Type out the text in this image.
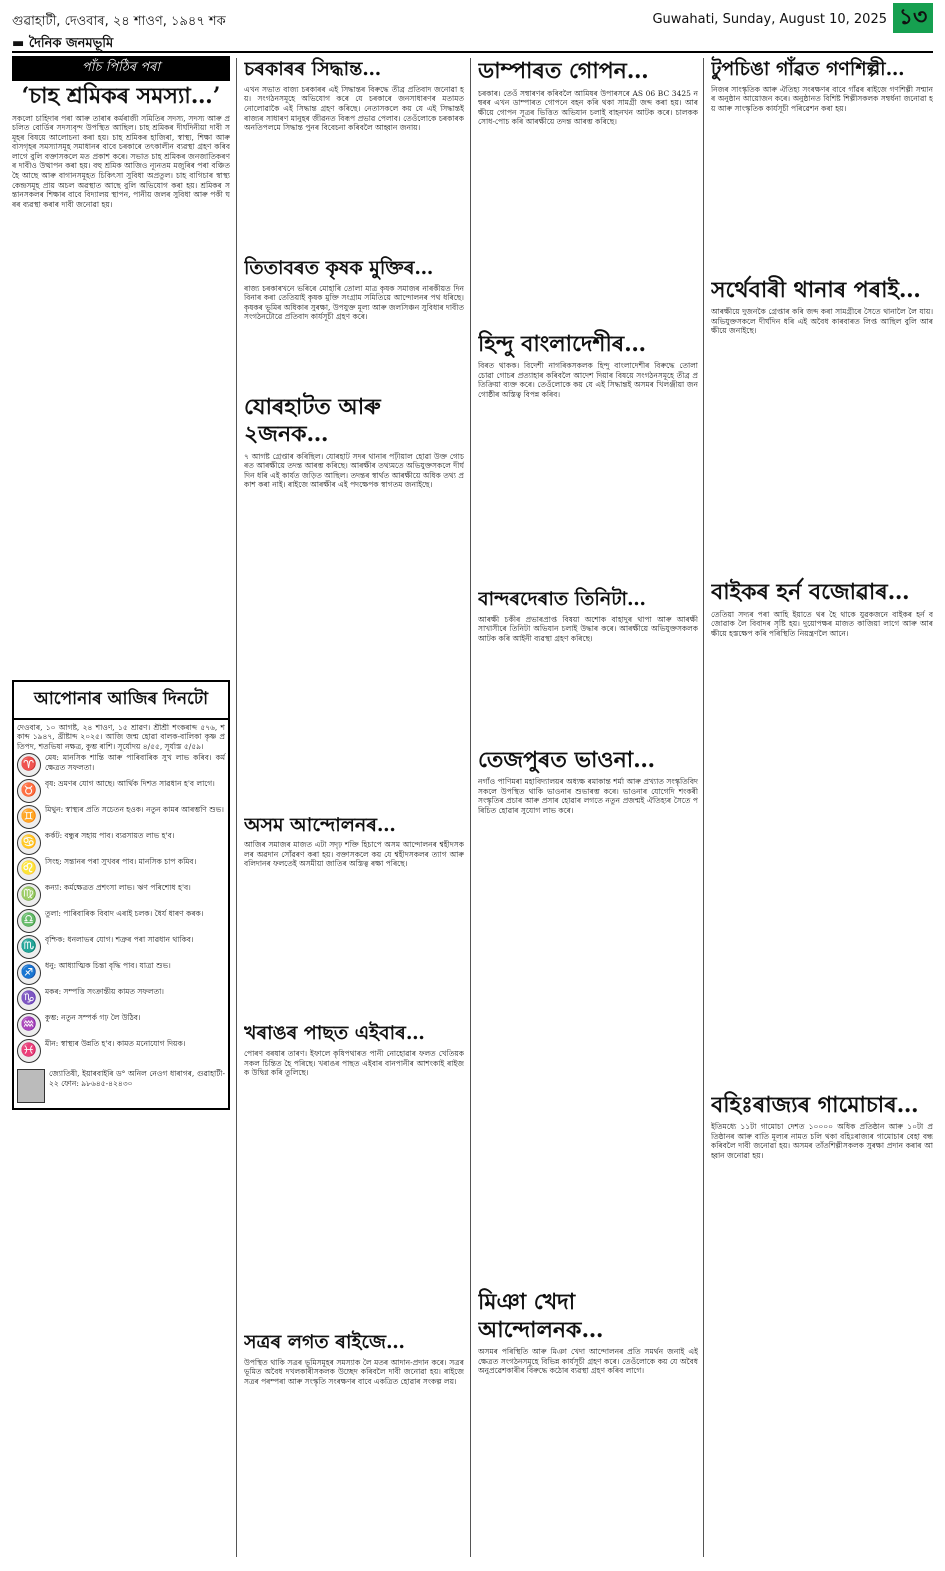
গুৱাহাটী, দেওবাৰ, ২৪ শাওণ, ১৯৪৭ শক	Guwahati, Sunday, August 10, 2025 ১৩
▬ দৈনিক জনমভূমি
পাঁচ পিঠিৰ পৰা
‘চাহ শ্ৰমিকৰ সমস্যা…’
সকলো চাহিদাৰ পৰা আৰু তাৰাৰ কৰ্মৰাজী সমিতিৰ সদস্য, সদস্য আৰু প্ৰচলিত বোৰ্ডিৰ সদস্যবৃন্দ উপস্থিত আছিল। চাহ শ্ৰমিকৰ দীৰ্ঘদিনীয়া দাবী সমূহৰ বিষয়ে আলোচনা কৰা হয়। চাহ শ্ৰমিকৰ হাজিৰা, স্বাস্থ্য, শিক্ষা আৰু বাসগৃহৰ সমস্যাসমূহ সমাধানৰ বাবে চৰকাৰে তৎকালীন ব্যৱস্থা গ্ৰহণ কৰিব লাগে বুলি বক্তাসকলে মত প্ৰকাশ কৰে। সভাত চাহ শ্ৰমিকৰ জনজাতিকৰণৰ দাবীও উত্থাপন কৰা হয়। বহু শ্ৰমিক আজিও ন্যূনতম মজুৰিৰ পৰা বঞ্চিত হৈ আছে আৰু বাগানসমূহত চিকিৎসা সুবিধা অপ্ৰতুল। চাহ বাগিচাৰ স্বাস্থ্য কেন্দ্ৰসমূহ প্ৰায় অচল অৱস্থাত আছে বুলি অভিযোগ কৰা হয়। শ্ৰমিকৰ সন্তানসকলৰ শিক্ষাৰ বাবে বিদ্যালয় স্থাপন, পানীয় জলৰ সুবিধা আৰু পকী ঘৰৰ ব্যৱস্থা কৰাৰ দাবী জনোৱা হয়।
আপোনাৰ আজিৰ দিনটো
দেওবাৰ, ১০ আগষ্ট, ২৪ শাওণ, ১৫ শ্ৰাৱণ। শ্ৰীশ্ৰী শংকৰাব্দ ৫৭৬, শকাব্দ ১৯৪৭, খ্ৰীষ্টাব্দ ২০২৫। আজি জন্ম হোৱা বালক-বালিকা কৃষ্ণ প্ৰতিপদ, শতভিষা নক্ষত্ৰ, কুম্ভ ৰাশি। সূৰ্যোদয় ৪/৫৫, সূৰ্যাস্ত ৫/৫৯।
♈	মেষ: মানসিক শান্তি আৰু পাৰিবাৰিক সুখ লাভ কৰিব। কৰ্মক্ষেত্ৰত সফলতা।
♉	বৃষ: ভ্ৰমণৰ যোগ আছে। আৰ্থিক দিশত সাৱধান হ'ব লাগে।
♊	মিথুন: স্বাস্থ্যৰ প্ৰতি সচেতন হওক। নতুন কামৰ আৰম্ভণি শুভ।
♋	কৰ্কট: বন্ধুৰ সহায় পাব। ব্যৱসায়ত লাভ হ'ব।
♌	সিংহ: সন্তানৰ পৰা সুখবৰ পাব। মানসিক চাপ কমিব।
♍	কন্যা: কৰ্মক্ষেত্ৰত প্ৰশংসা লাভ। ঋণ পৰিশোধ হ'ব।
♎	তুলা: পাৰিবাৰিক বিবাদ এৰাই চলক। ধৈৰ্য ধাৰণ কৰক।
♏	বৃশ্চিক: ধনলাভৰ যোগ। শত্ৰুৰ পৰা সাৱধান থাকিব।
♐	ধনু: আধ্যাত্মিক চিন্তা বৃদ্ধি পাব। যাত্ৰা শুভ।
♑	মকৰ: সম্পত্তি সংক্ৰান্তীয় কামত সফলতা।
♒	কুম্ভ: নতুন সম্পৰ্ক গঢ় লৈ উঠিব।
♓	মীন: স্বাস্থ্যৰ উন্নতি হ'ব। কামত মনোযোগ দিয়ক।
জ্যোতিষী, ইয়াৰবাইৰি ড° অনিল নেওগ ধাৰাগৰ, গুৱাহাটী-২২ ফোন: ৯৮৬৪৫-৪২৪৩০
চৰকাৰৰ সিদ্ধান্ত…
এখন সভাত বাজ্য চৰকাৰৰ এই সিদ্ধান্তৰ বিৰুদ্ধে তীব্ৰ প্ৰতিবাদ জনোৱা হয়। সংগঠনসমূহে অভিযোগ কৰে যে চৰকাৰে জনসাধাৰণৰ মতামত নোলোৱাকৈ এই সিদ্ধান্ত গ্ৰহণ কৰিছে। নেতাসকলে কয় যে এই সিদ্ধান্তই ৰাজ্যৰ সাধাৰণ মানুহৰ জীৱনত বিৰূপ প্ৰভাৱ পেলাব। তেওঁলোকে চৰকাৰক অনতিপলমে সিদ্ধান্ত পুনৰ বিবেচনা কৰিবলৈ আহ্বান জনায়।
তিতাবৰত কৃষক মুক্তিৰ…
ৰাজ্য চৰকাৰখনে ভৰিৰে মোহাৰি তোলা মাত্ৰ কৃষক সমাজৰ নাৰকীয়ত দিন বিনাৰ কৰা তেতিয়াই কৃষক মুক্তি সংগ্ৰাম সমিতিয়ে আন্দোলনৰ পথ ধৰিছে। কৃষকৰ ভূমিৰ অধিকাৰ সুৰক্ষা, উপযুক্ত মূল্য আৰু জলসিঞ্চন সুবিধাৰ দাবীত সংগঠনটোৱে প্ৰতিবাদ কাৰ্যসূচী গ্ৰহণ কৰে।
যোৰহাটত আৰু ২জনক…
৭ আগষ্ট গ্ৰেপ্তাৰ কৰিছিল। যোৰহাট সদৰ থানাৰ পঢ়ীয়াল হোৱা উক্ত গোচৰত আৰক্ষীয়ে তদন্ত আৰম্ভ কৰিছে। আৰক্ষীৰ তথ্যমতে অভিযুক্তসকলে দীৰ্ঘদিন ধৰি এই কাৰ্যত জড়িত আছিল। তদন্তৰ স্বাৰ্থত আৰক্ষীয়ে অধিক তথ্য প্ৰকাশ কৰা নাই। ৰাইজে আৰক্ষীৰ এই পদক্ষেপক স্বাগতম জনাইছে।
অসম আন্দোলনৰ…
আজিৰ সমাজৰ মাজত এটা সদৃঢ় শক্তি হিচাপে অসম আন্দোলনৰ শ্বহীদসকলৰ অৱদান সোঁৱৰণ কৰা হয়। বক্তাসকলে কয় যে শ্বহীদসকলৰ ত্যাগ আৰু বলিদানৰ ফলতেই অসমীয়া জাতিৰ অস্তিত্ব ৰক্ষা পৰিছে।
খৰাঙৰ পাছত এইবাৰ…
পোৰণ বৰষাৰ তাৰণ। ইফালে কৃষিপথাৰত পানী নোহোৱাৰ ফলত খেতিয়কসকল চিন্তিত হৈ পৰিছে। খৰাঙৰ পাছত এইবাৰ বানপানীৰ আশংকাই ৰাইজক উদ্বিগ্ন কৰি তুলিছে।
সত্ৰৰ লগত ৰাইজে…
উপস্থিত থাকি সত্ৰৰ ভূমিসমূহৰ সমস্যাক লৈ মতৰ আদান-প্ৰদান কৰে। সত্ৰৰ ভূমিত অবৈধ দখলকাৰীসকলক উচ্ছেদ কৰিবলৈ দাবী জনোৱা হয়। ৰাইজে সত্ৰৰ পৰম্পৰা আৰু সংস্কৃতি সংৰক্ষণৰ বাবে একত্ৰিত হোৱাৰ সংকল্প লয়।
ডাম্পাৰত গোপন…
চৰকাৰ। তেওঁ সম্বাৰণৰ কৰিবলৈ আমিষৰ উপাৰসৰে AS 06 BC 3425 নম্বৰৰ এখন ডাম্পাৰত গোপনে বহন কৰি থকা সামগ্ৰী জব্দ কৰা হয়। আৰক্ষীয়ে গোপন সূত্ৰৰ ভিত্তিত অভিযান চলাই বাহনখন আটক কৰে। চালকক সোধ-পোচ কৰি আৰক্ষীয়ে তদন্ত আৰম্ভ কৰিছে।
হিন্দু বাংলাদেশীৰ…
বিৰত থাকক। বিদেশী নাগৰিকসকলক হিন্দু বাংলাদেশীৰ বিৰুদ্ধে তোলা চোৱা গোচৰ প্ৰত্যাহাৰ কৰিবলৈ আদেশ দিয়াৰ বিষয়ে সংগঠনসমূহে তীব্ৰ প্ৰতিক্ৰিয়া ব্যক্ত কৰে। তেওঁলোকে কয় যে এই সিদ্ধান্তই অসমৰ খিলঞ্জীয়া জনগোষ্ঠীৰ অস্তিত্ব বিপন্ন কৰিব।
বান্দৰদেৰাত তিনিটা…
আৰক্ষী চকীৰ প্ৰভাৰপ্ৰাপ্ত বিষয়া অশোক বাহাদুৰ থাপা আৰু আৰক্ষী সাখাসীৰে তিনিটা অভিযান চলাই উদ্ধাৰ কৰে। আৰক্ষীয়ে অভিযুক্তসকলক আটক কৰি আইনী ব্যৱস্থা গ্ৰহণ কৰিছে।
তেজপুৰত ভাওনা…
নগাঁও পাণিমৰা মহাবিদ্যালয়ৰ অধ্যক্ষ ৰমাকান্ত শৰ্মা আৰু প্ৰখ্যাত সংস্কৃতিবিদসকলে উপস্থিত থাকি ভাওনাৰ শুভাৰম্ভ কৰে। ভাওনাৰ যোগেদি শংকৰী সংস্কৃতিৰ প্ৰচাৰ আৰু প্ৰসাৰ হোৱাৰ লগতে নতুন প্ৰজন্মই ঐতিহ্যৰ সৈতে পৰিচিত হোৱাৰ সুযোগ লাভ কৰে।
মিঞা খেদা আন্দোলনক…
অসমৰ পৰিস্থিতি আৰু মিঞা খেদা আন্দোলনৰ প্ৰতি সমৰ্থন জনাই এইক্ষেত্ৰত সংগঠনসমূহে বিভিন্ন কাৰ্যসূচী গ্ৰহণ কৰে। তেওঁলোকে কয় যে অবৈধ অনুপ্ৰৱেশকাৰীৰ বিৰুদ্ধে কঠোৰ ব্যৱস্থা গ্ৰহণ কৰিব লাগে।
টুপচিঙা গাঁৱত গণশিল্পী…
নিজৰ সাংস্কৃতিক আৰু ঐতিহ্য সংৰক্ষণৰ বাবে গাঁৱৰ ৰাইজে গণশিল্পী সন্মানৰ অনুষ্ঠান আয়োজন কৰে। অনুষ্ঠানত বিশিষ্ট শিল্পীসকলক সম্বৰ্ধনা জনোৱা হয় আৰু সাংস্কৃতিক কাৰ্যসূচী পৰিৱেশন কৰা হয়।
সৰ্থেবাৰী থানাৰ পৰাই…
আৰক্ষীয়ে দুজনকৈ গ্ৰেপ্তাৰ কৰি জব্দ কৰা সামগ্ৰীৰে সৈতে থানালৈ লৈ যায়। অভিযুক্তসকলে দীৰ্ঘদিন ধৰি এই অবৈধ কাৰবাৰত লিপ্ত আছিল বুলি আৰক্ষীয়ে জনাইছে।
বাইকৰ হৰ্ন বজোৱাৰ…
তেতিয়া সদ্যৰ পৰা আহি ইয়াতে থৰ হৈ থাকে যুৱকজনে বাইকৰ হৰ্ন বজোৱাক লৈ বিবাদৰ সৃষ্টি হয়। দুয়োপক্ষৰ মাজত কাজিয়া লাগে আৰু আৰক্ষীয়ে হস্তক্ষেপ কৰি পৰিস্থিতি নিয়ন্ত্ৰণলৈ আনে।
বহিঃৰাজ্যৰ গামোচাৰ…
ইতিমধ্যে ১১টা গামোচা দেশত ১০০০০ অধিক প্ৰতিষ্ঠান আৰু ১০টা প্ৰতিষ্ঠানৰ আৰু বাতি মূল্যৰ নামত চলি থকা বহিঃৰাজ্যৰ গামোচাৰ বেহা বন্ধ কৰিবলৈ দাবী জনোৱা হয়। অসমৰ তাঁতশিল্পীসকলক সুৰক্ষা প্ৰদান কৰাৰ আহ্বান জনোৱা হয়।
